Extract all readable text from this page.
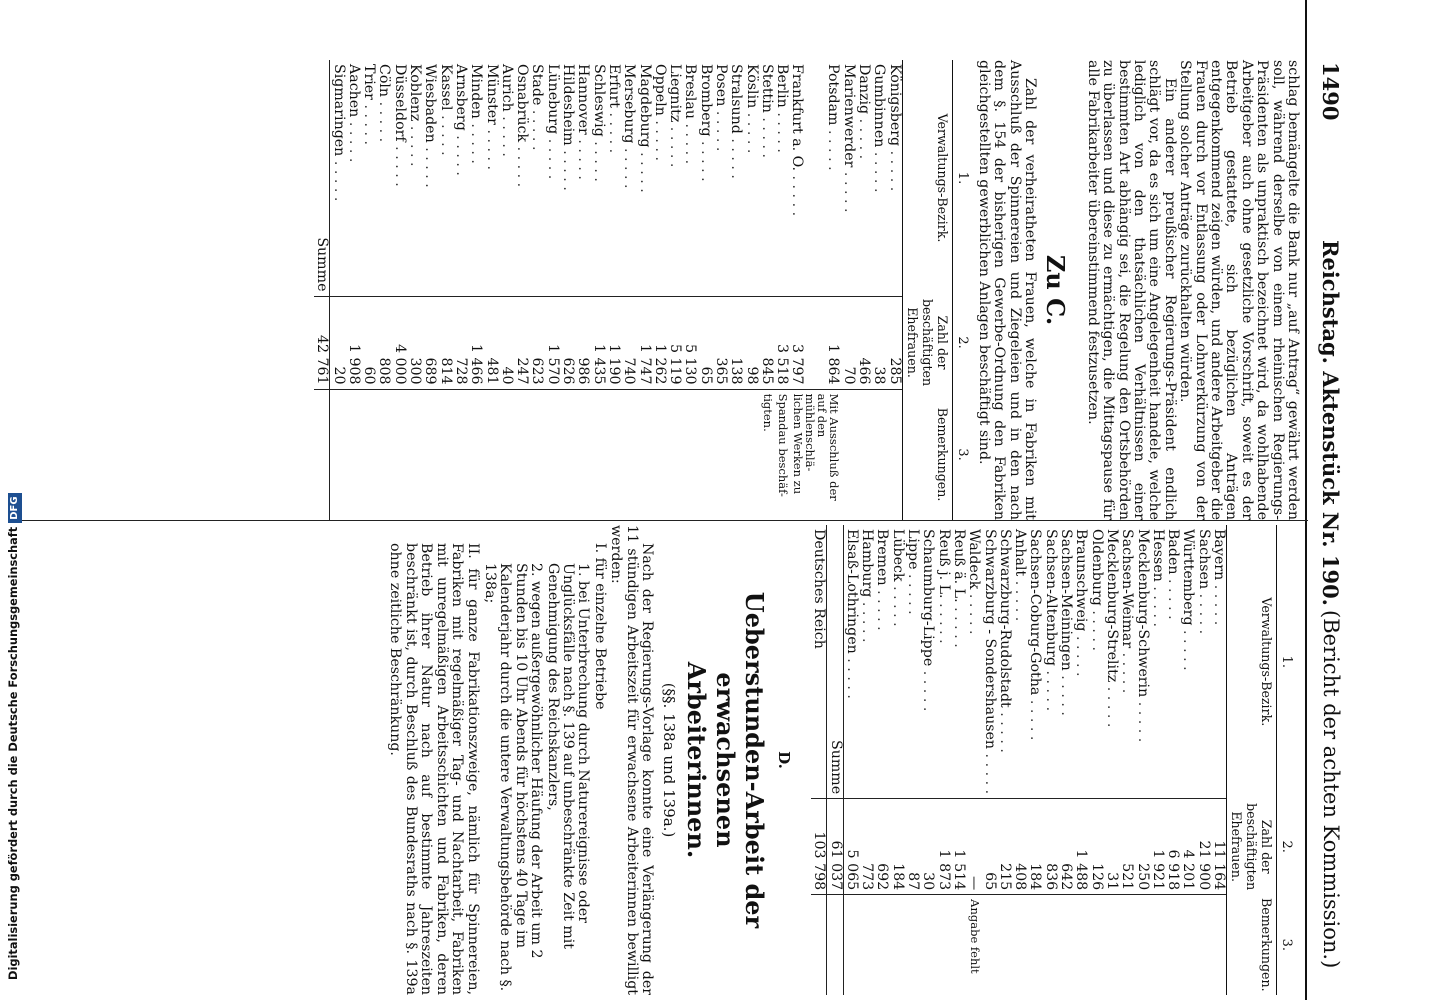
1490
Reichstag. Aktenstück Nr. 190.
(Bericht der achten Kommission.)

schlag bemängelte die Bank nur „auf Antrag“ gewährt werden soll, während derselbe von einem rheinischen Regierungs-Präsidenten als unpraktisch bezeichnet wird, da wohlhabende Arbeitgeber auch ohne gesetzliche Vorschrift, soweit es der Betrieb gestattete, sich bezüglichen Anträgen entgegenkommend zeigen würden, und andere Arbeitgeber die Frauen durch vor Entlassung oder Lohnverkürzung von der Stellung solcher Anträge zurückhalten würden.

Ein anderer preußischer Regierungs-Präsident endlich schlägt vor, da es sich um eine Angelegenheit handele, welche lediglich von den thatsächlichen Verhältnissen einer bestimmten Art abhängig sei, die Regelung den Ortsbehörden zu überlassen und diese zu ermächtigen, die Mittagspause für alle Fabrikarbeiter übereinstimmend festzusetzen.

Zu C.

Zahl der verheiratheten Frauen, welche in Fabriken mit Ausschluß der Spinnereien und Ziegeleien und in den nach dem §. 154 der bisherigen Gewerbe-Ordnung den Fabriken gleichgestellten gewerblichen Anlagen beschäftigt sind.

1.	2.	3.
Verwaltungs-Bezirk.	Zahl der beschäftigten Ehefrauen.	Bemerkungen.
Königsberg . . . . .	285	
Gumbinnen . . . . .	38	
Danzig . . . . .	466	
Marienwerder . . . . .	70	
Potsdam . . . . .	1 864	Mit Ausschluß der auf den mühlenschlä-
Frankfurt a. O. . . . . .	3 797	lichen Werken zu
Berlin . . . . .	3 518	Spandau beschäf-
Stettin . . . . .	845	tigten.
Köslin . . . . .	98	
Stralsund . . . . .	138	
Posen . . . . .	365	
Bromberg . . . . .	65	
Breslau . . . . .	5 130	
Liegnitz . . . . .	5 119	
Oppeln . . . . .	1 262	
Magdeburg . . . . .	1 747	
Merseburg . . . . .	740	
Erfurt . . . . .	1 190	
Schleswig . . . . .	1 435	
Hannover . . . . .	986	
Hildesheim . . . . .	626	
Lüneburg . . . . .	1 570	
Stade . . . . .	623	
Osnabrück . . . . .	247	
Aurich . . . . .	40	
Münster . . . . .	481	
Minden . . . . .	1 466	
Arnsberg . . . . .	728	
Kassel . . . . .	814	
Wiesbaden . . . . .	689	
Koblenz . . . . .	300	
Düsseldorf . . . . .	4 000	
Cöln . . . . .	808	
Trier . . . . .	60	
Aachen . . . . .	1 908	
Sigmaringen . . . . .	20	
Summe	42 761	
1.	2.	3.
Verwaltungs-Bezirk.	Zahl der beschäftigten Ehefrauen.	Bemerkungen.
Bayern . . . . .	11 164	
Sachsen . . . . .	21 900	
Württemberg . . . . .	4 201	
Baden . . . . .	6 918	
Hessen . . . . .	1 921	
Mecklenburg-Schwerin . . . . .	250	
Sachsen-Weimar . . . . .	521	
Mecklenburg-Strelitz . . . . .	31	
Oldenburg . . . . .	126	
Braunschweig . . . . .	1 488	
Sachsen-Meiningen . . . . .	642	
Sachsen-Altenburg . . . . .	836	
Sachsen-Coburg-Gotha . . . . .	184	
Anhalt . . . . .	408	
Schwarzburg-Rudolstadt . . . . .	215	
Schwarzburg - Sondershausen . . . . .	65	
Waldeck . . . . .	—	Angabe fehlt
Reuß ä. L. . . . . .	1 514	
Reuß j. L. . . . . .	1 873	
Schaumburg-Lippe . . . . .	30	
Lippe . . . . .	87	
Lübeck . . . . .	184	
Bremen . . . . .	692	
Hamburg . . . . .	773	
Elsaß-Lothringen . . . . .	5 065	
Summe	61 037	
Deutsches Reich	103 798	
D.
Ueberstunden-Arbeit der erwachsenen
Arbeiterinnen.
(§§. 138a und 139a.)

Nach der Regierungs-Vorlage konnte eine Verlängerung der 11 stündigen Arbeitszeit für erwachsene Arbeiterinnen bewilligt werden:

I. für einzelne Betriebe
1. bei Unterbrechung durch Naturereignisse oder Unglücksfälle nach §. 139 auf unbeschränkte Zeit mit Genehmigung des Reichskanzlers,
2. wegen außergewöhnlicher Häufung der Arbeit um 2 Stunden bis 10 Uhr Abends für höchstens 40 Tage im Kalenderjahr durch die untere Verwaltungsbehörde nach §. 138a;

II. für ganze Fabrikationszweige, nämlich für Spinnereien, Fabriken mit regelmäßiger Tag- und Nachtarbeit, Fabriken mit unregelmäßigen Arbeitsschichten und Fabriken, deren Betrieb ihrer Natur nach auf bestimmte Jahreszeiten beschränkt ist, durch Beschluß des Bundesraths nach §. 139a ohne zeitliche Beschränkung.

Digitalisierung gefördert durch die Deutsche ForschungsgemeinschaftDFG
